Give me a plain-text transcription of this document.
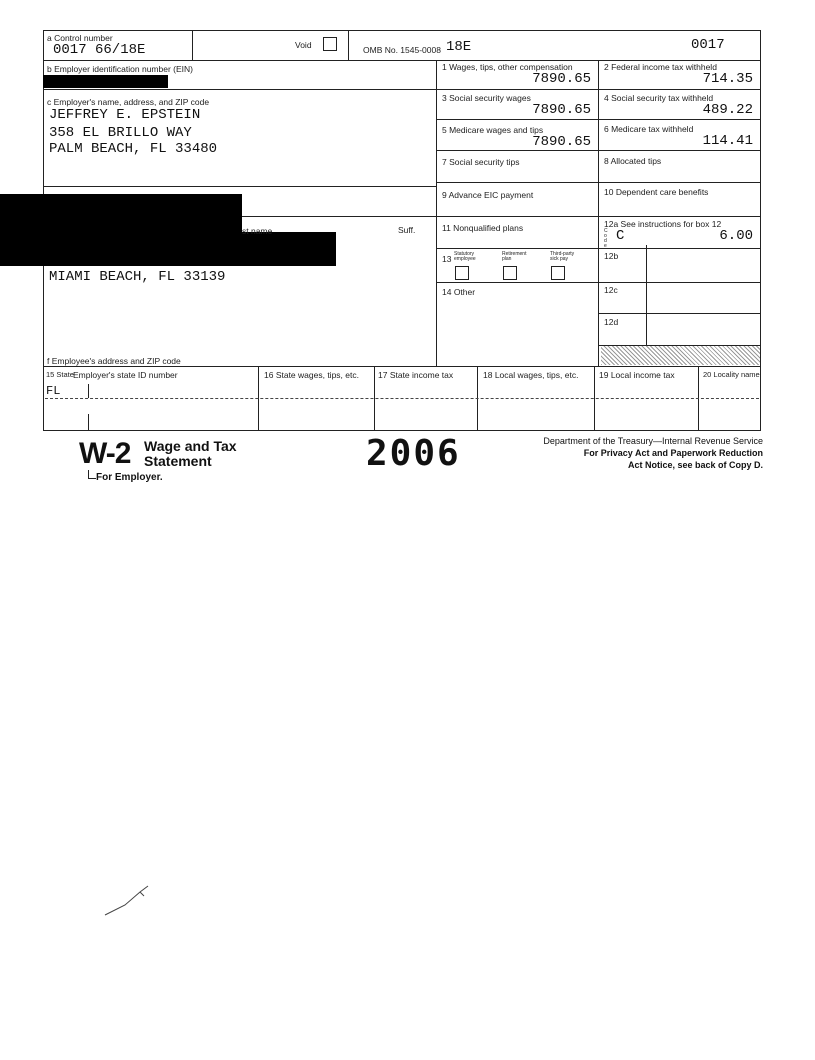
a Control number
0017 66/18E	Void	OMB No. 1545-0008 18E	0017
b Employer identification number (EIN)
c Employer's name, address, and ZIP code
JEFFREY E. EPSTEIN
358 EL BRILLO WAY
PALM BEACH, FL 33480
st name	Suff.
MIAMI BEACH, FL 33139
f Employee's address and ZIP code
1 Wages, tips, other compensation
7890.65
2 Federal income tax withheld
714.35
3 Social security wages
7890.65
4 Social security tax withheld
489.22
5 Medicare wages and tips
7890.65
6 Medicare tax withheld
114.41
7 Social security tips	8 Allocated tips
9 Advance EIC payment	10 Dependent care benefits
11 Nonqualified plans	12a See instructions for box 12
C	6.00
C o d e
12b
12c
12d
13 Statutory employee
Retirement plan
Third-party sick pay
14 Other
15 State Employer's state ID number	16 State wages, tips, etc. 17 State income tax	18 Local wages, tips, etc. 19 Local income tax	20 Locality name
FL
W-2 Wage and Tax
Statement
For Employer.
2006	Department of the Treasury—Internal Revenue Service
For Privacy Act and Paperwork Reduction
Act Notice, see back of Copy D.
